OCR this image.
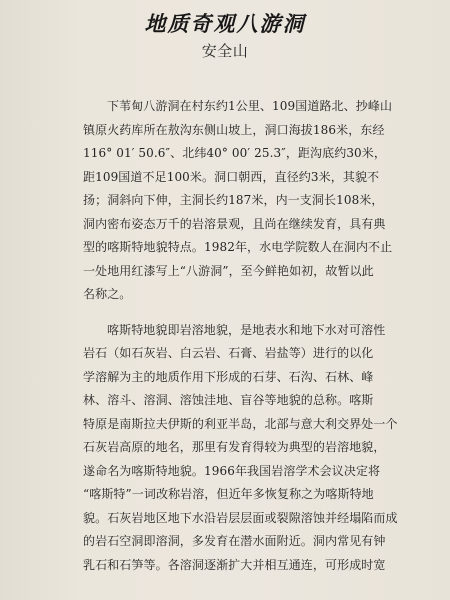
地质奇观八游洞
安全山
下苇甸八游洞在村东约1公里、109国道路北、抄峰山
镇原火药库所在敖沟东侧山坡上，洞口海拔186米，东经
116° 01′ 50.6″、北纬40° 00′ 25.3″，距沟底约30米，
距109国道不足100米。洞口朝西，直径约3米，其貌不
扬；洞斜向下伸，主洞长约187米，内一支洞长108米，
洞内密布姿态万千的岩溶景观，且尚在继续发育，具有典
型的喀斯特地貌特点。1982年，水电学院数人在洞内不止
一处地用红漆写上“八游洞”，至今鲜艳如初，故暂以此
名称之。
喀斯特地貌即岩溶地貌，是地表水和地下水对可溶性
岩石（如石灰岩、白云岩、石膏、岩盐等）进行的以化
学溶解为主的地质作用下形成的石芽、石沟、石林、峰
林、溶斗、溶洞、溶蚀洼地、盲谷等地貌的总称。喀斯
特原是南斯拉夫伊斯的利亚半岛，北部与意大利交界处一个
石灰岩高原的地名，那里有发育得较为典型的岩溶地貌，
遂命名为喀斯特地貌。1966年我国岩溶学术会议决定将
“喀斯特”一词改称岩溶，但近年多恢复称之为喀斯特地
貌。石灰岩地区地下水沿岩层层面或裂隙溶蚀并经塌陷而成
的岩石空洞即溶洞，多发育在潜水面附近。洞内常见有钟
乳石和石笋等。各溶洞逐渐扩大并相互通连，可形成时宽
